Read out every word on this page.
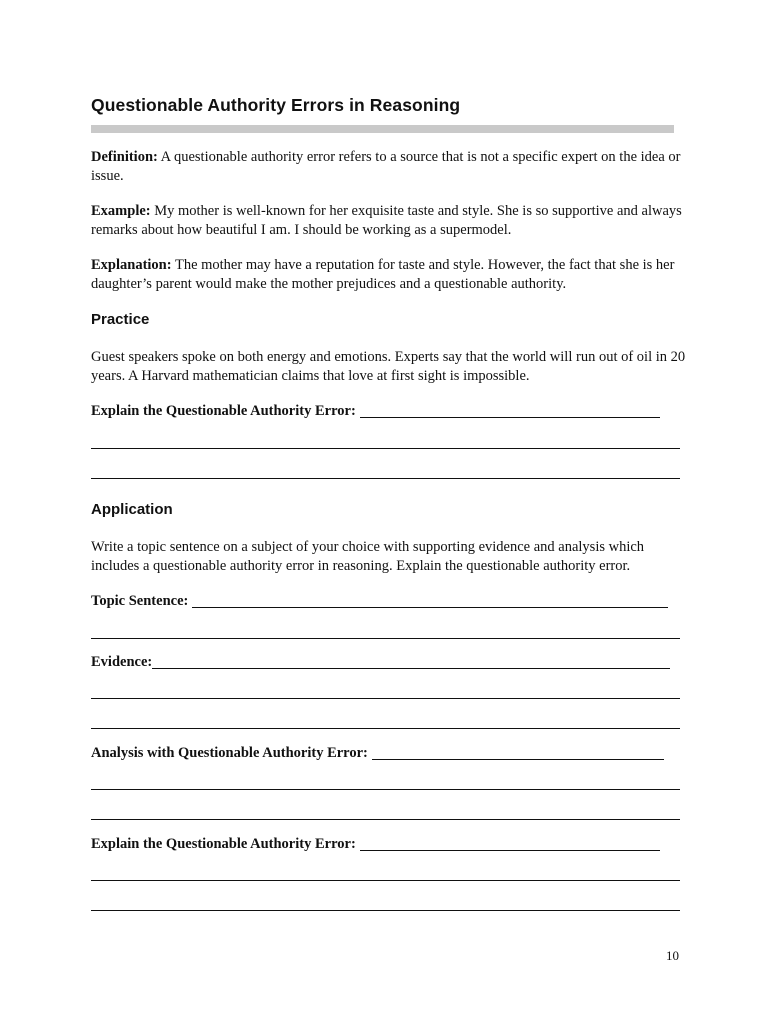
Questionable Authority Errors in Reasoning
Definition: A questionable authority error refers to a source that is not a specific expert on the idea or issue.
Example: My mother is well-known for her exquisite taste and style. She is so supportive and always remarks about how beautiful I am. I should be working as a supermodel.
Explanation: The mother may have a reputation for taste and style. However, the fact that she is her daughter’s parent would make the mother prejudices and a questionable authority.
Practice
Guest speakers spoke on both energy and emotions. Experts say that the world will run out of oil in 20 years. A Harvard mathematician claims that love at first sight is impossible.
Explain the Questionable Authority Error:
Application
Write a topic sentence on a subject of your choice with supporting evidence and analysis which includes a questionable authority error in reasoning. Explain the questionable authority error.
Topic Sentence:
Evidence:
Analysis with Questionable Authority Error:
Explain the Questionable Authority Error:
10
